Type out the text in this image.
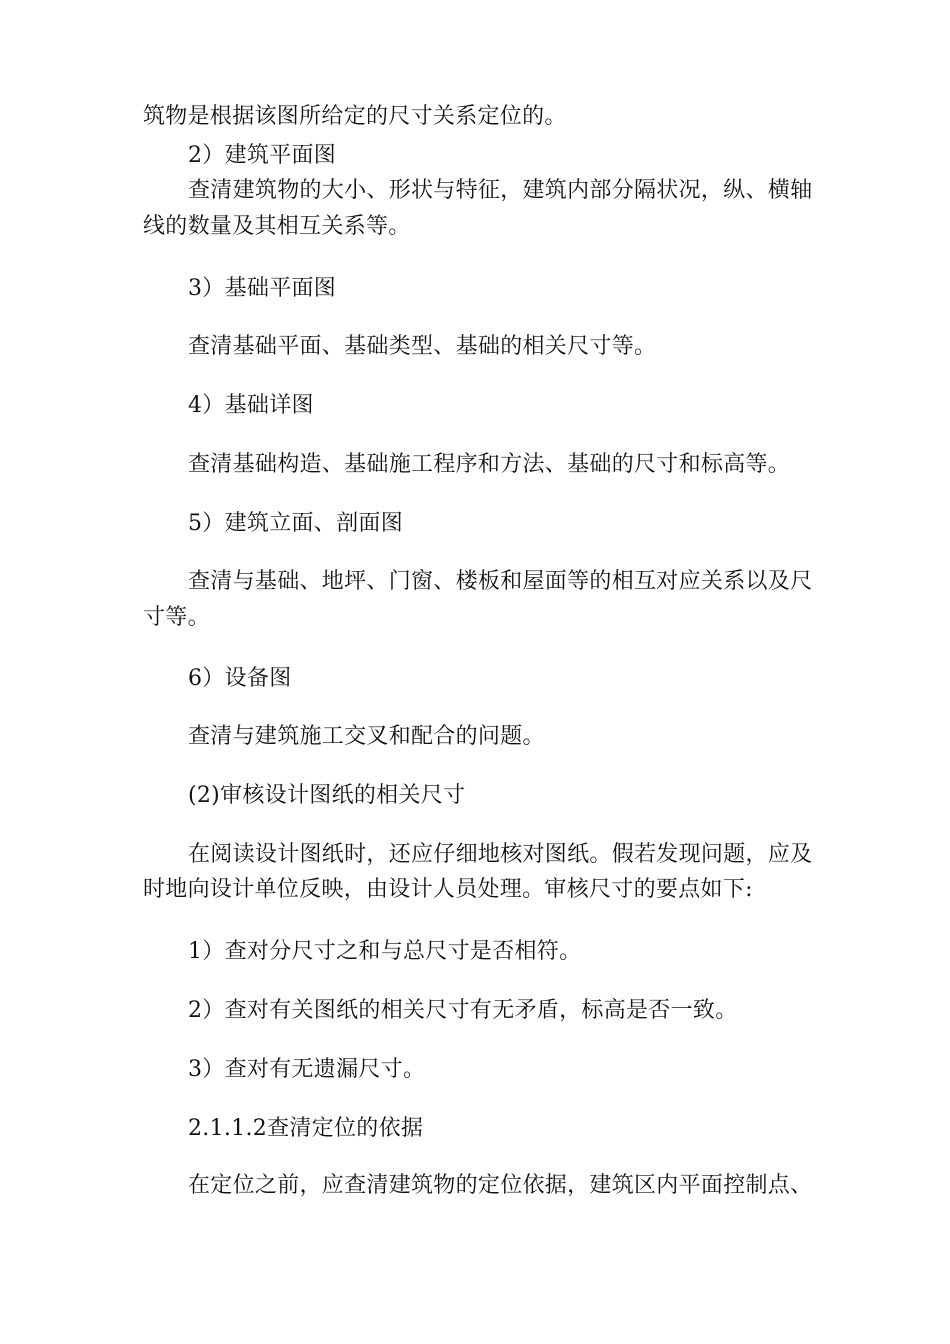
筑物是根据该图所给定的尺寸关系定位的。
2）建筑平面图
查清建筑物的大小、形状与特征，建筑内部分隔状况，纵、横轴
线的数量及其相互关系等。
3）基础平面图
查清基础平面、基础类型、基础的相关尺寸等。
4）基础详图
查清基础构造、基础施工程序和方法、基础的尺寸和标高等。
5）建筑立面、剖面图
查清与基础、地坪、门窗、楼板和屋面等的相互对应关系以及尺
寸等。
6）设备图
查清与建筑施工交叉和配合的问题。
(2)审核设计图纸的相关尺寸
在阅读设计图纸时，还应仔细地核对图纸。假若发现问题，应及
时地向设计单位反映，由设计人员处理。审核尺寸的要点如下:
1）查对分尺寸之和与总尺寸是否相符。
2）查对有关图纸的相关尺寸有无矛盾，标高是否一致。
3）查对有无遗漏尺寸。
2.1.1.2查清定位的依据
在定位之前，应查清建筑物的定位依据，建筑区内平面控制点、
